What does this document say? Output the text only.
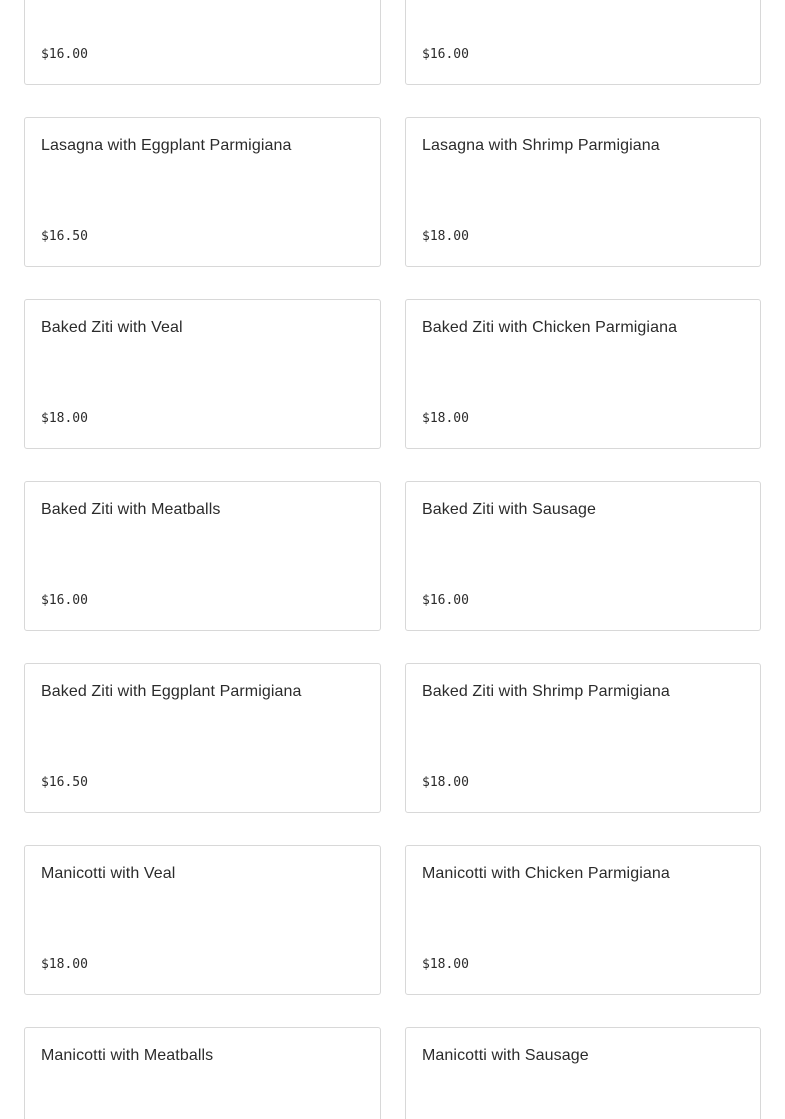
$16.00	$16.00
Lasagna with Eggplant Parmigiana
$16.50
Lasagna with Shrimp Parmigiana
$18.00
Baked Ziti with Veal
$18.00
Baked Ziti with Chicken Parmigiana
$18.00
Baked Ziti with Meatballs
$16.00
Baked Ziti with Sausage
$16.00
Baked Ziti with Eggplant Parmigiana
$16.50
Baked Ziti with Shrimp Parmigiana
$18.00
Manicotti with Veal
$18.00
Manicotti with Chicken Parmigiana
$18.00
Manicotti with Meatballs	Manicotti with Sausage
